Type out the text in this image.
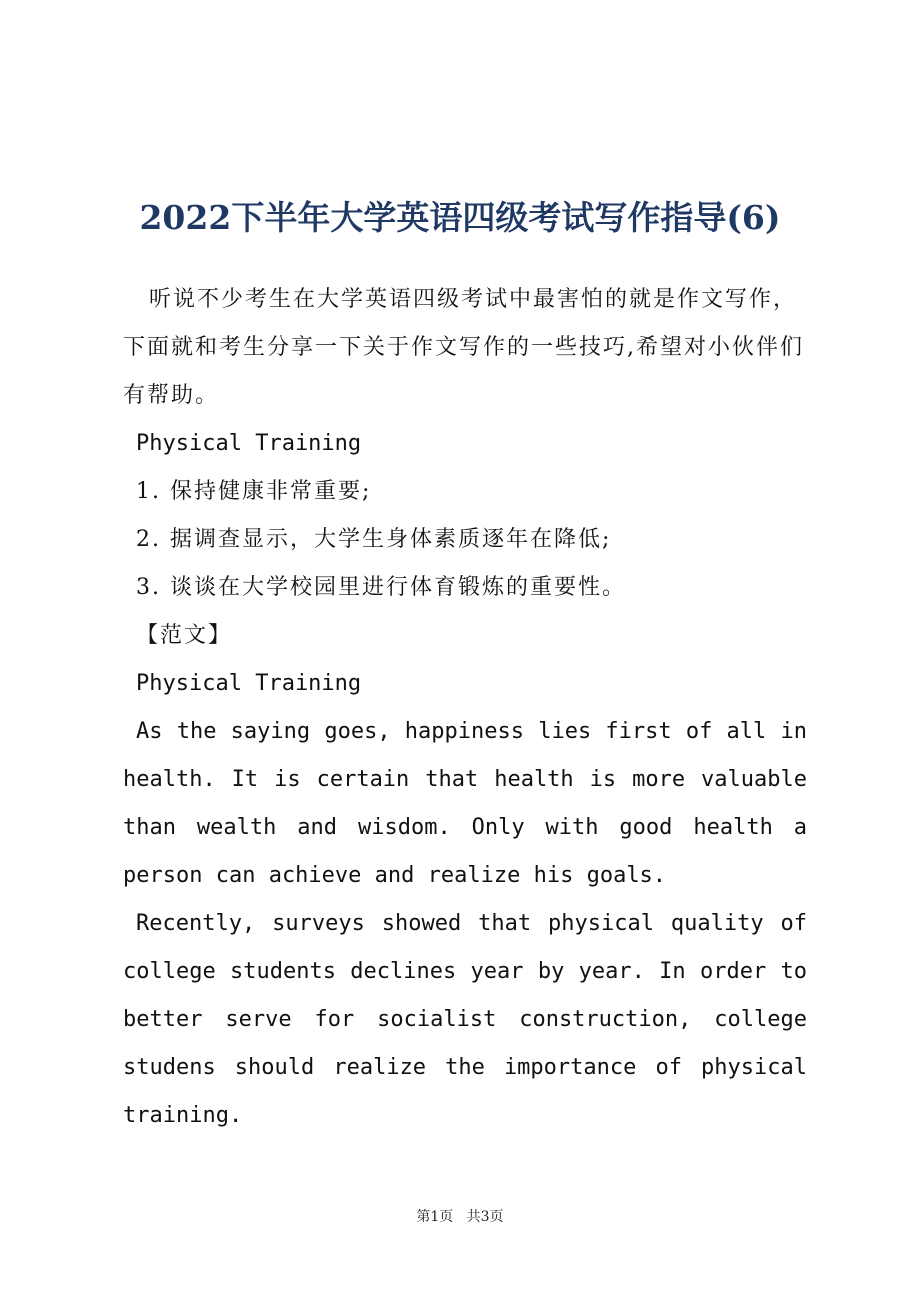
2022下半年大学英语四级考试写作指导(6)

听说不少考生在大学英语四级考试中最害怕的就是作文写作，下面就和考生分享一下关于作文写作的一些技巧,希望对小伙伴们有帮助。

Physical Training

1. 保持健康非常重要;

2. 据调查显示，大学生身体素质逐年在降低;

3. 谈谈在大学校园里进行体育锻炼的重要性。

【范文】

Physical Training

As the saying goes, happiness lies first of all in health. It is certain that health is more valuable than wealth and wisdom. Only with good health a person can achieve and realize his goals.

Recently, surveys showed that physical quality of college students declines year by year. In order to better serve for socialist construction, college studens should realize the importance of physical training.

第1页 共3页
